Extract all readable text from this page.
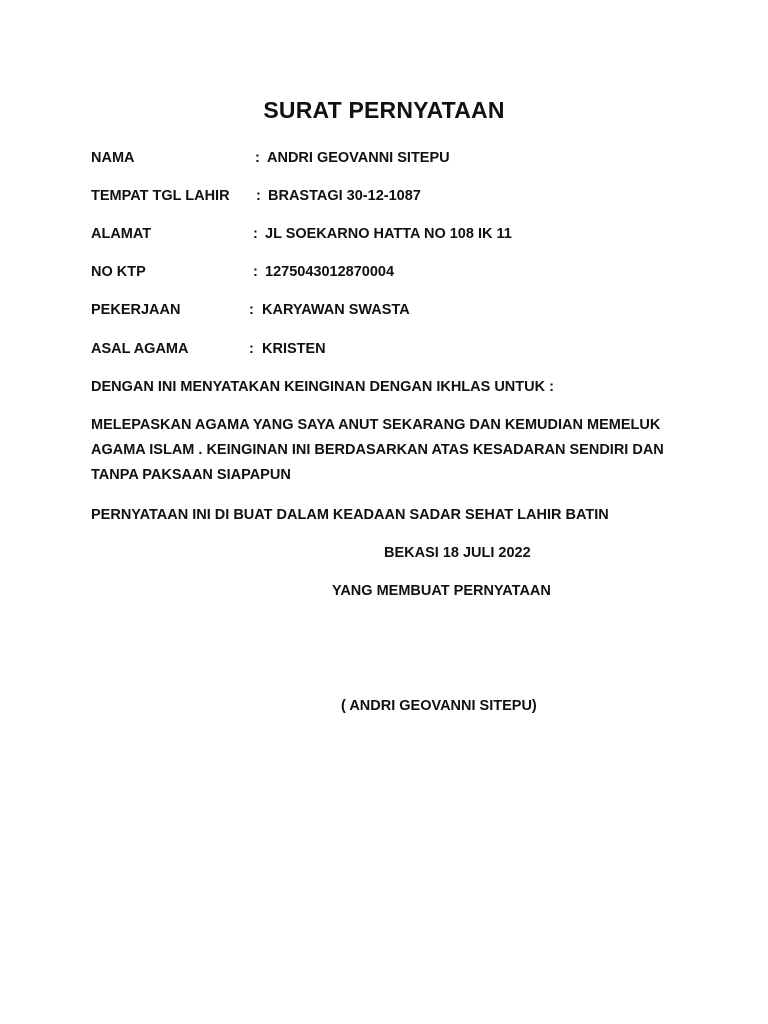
SURAT PERNYATAAN
NAMA	: ANDRI GEOVANNI SITEPU
TEMPAT TGL LAHIR : BRASTAGI 30-12-1087
ALAMAT	: JL SOEKARNO HATTA NO 108 IK 11
NO KTP	: 1275043012870004
PEKERJAAN	: KARYAWAN SWASTA
ASAL AGAMA	: KRISTEN
DENGAN INI MENYATAKAN KEINGINAN DENGAN IKHLAS UNTUK :
MELEPASKAN AGAMA YANG SAYA ANUT SEKARANG DAN KEMUDIAN MEMELUK
AGAMA ISLAM . KEINGINAN INI BERDASARKAN ATAS KESADARAN SENDIRI DAN
TANPA PAKSAAN SIAPAPUN
PERNYATAAN INI DI BUAT DALAM KEADAAN SADAR SEHAT LAHIR BATIN
BEKASI 18 JULI 2022
YANG MEMBUAT PERNYATAAN
( ANDRI GEOVANNI SITEPU)
